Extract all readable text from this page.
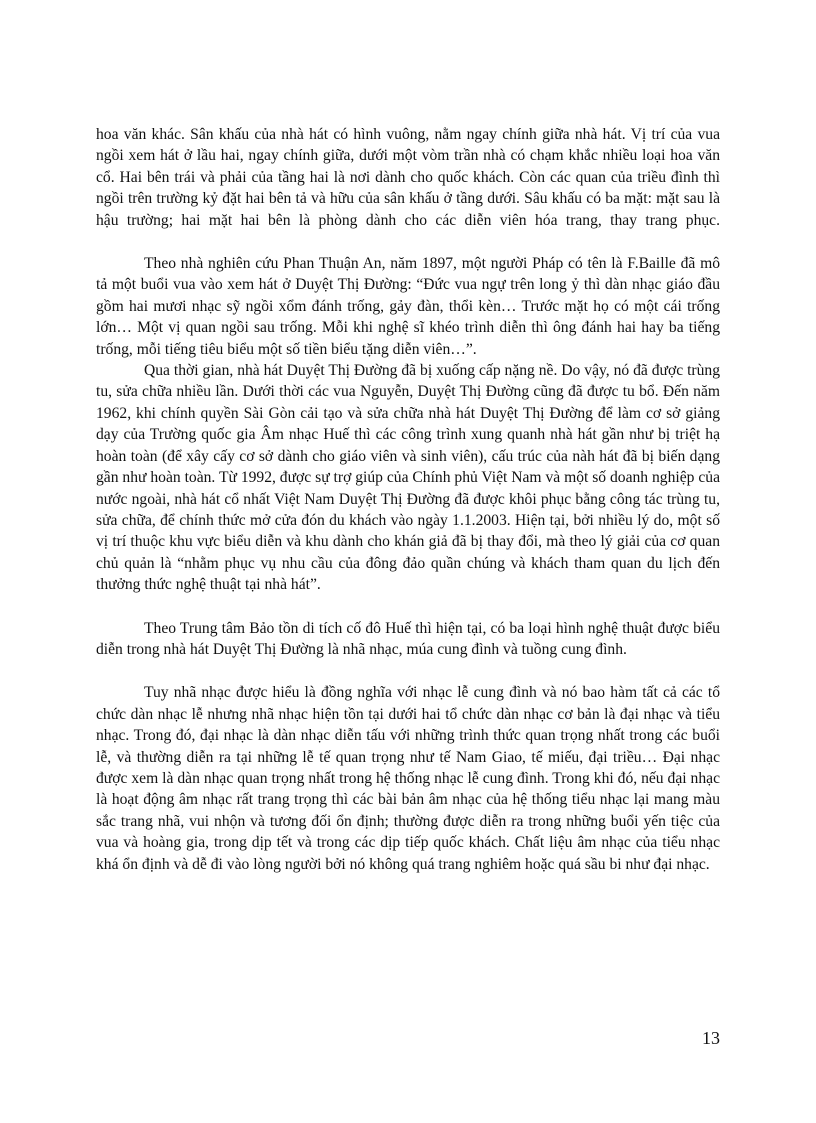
hoa văn khác. Sân khấu của nhà hát có hình vuông, nằm ngay chính giữa nhà hát. Vị trí của vua ngồi xem hát ở lầu hai, ngay chính giữa, dưới một vòm trần nhà có chạm khắc nhiều loại hoa văn cổ. Hai bên trái và phải của tầng hai là nơi dành cho quốc khách. Còn các quan của triều đình thì ngồi trên trường kỷ đặt hai bên tả và hữu của sân khấu ở tầng dưới. Sâu khấu có ba mặt: mặt sau là hậu trường; hai mặt hai bên là phòng dành cho các diễn viên hóa trang, thay trang phục.

Theo nhà nghiên cứu Phan Thuận An, năm 1897, một người Pháp có tên là F.Baille đã mô tả một buổi vua vào xem hát ở Duyệt Thị Đường: “Đức vua ngự trên long ỷ thì dàn nhạc giáo đầu gồm hai mươi nhạc sỹ ngồi xổm đánh trống, gảy đàn, thổi kèn… Trước mặt họ có một cái trống lớn… Một vị quan ngồi sau trống. Mỗi khi nghệ sĩ khéo trình diễn thì ông đánh hai hay ba tiếng trống, mỗi tiếng tiêu biểu một số tiền biểu tặng diễn viên…”.

Qua thời gian, nhà hát Duyệt Thị Đường đã bị xuống cấp nặng nề. Do vậy, nó đã được trùng tu, sửa chữa nhiều lần. Dưới thời các vua Nguyễn, Duyệt Thị Đường cũng đã được tu bổ. Đến năm 1962, khi chính quyền Sài Gòn cải tạo và sửa chữa nhà hát Duyệt Thị Đường để làm cơ sở giảng dạy của Trường quốc gia Âm nhạc Huế thì các công trình xung quanh nhà hát gần như bị triệt hạ hoàn toàn (để xây cấy cơ sở dành cho giáo viên và sinh viên), cấu trúc của nàh hát đã bị biến dạng gần như hoàn toàn. Từ 1992, được sự trợ giúp của Chính phủ Việt Nam và một số doanh nghiệp của nước ngoài, nhà hát cổ nhất Việt Nam Duyệt Thị Đường đã được khôi phục bằng công tác trùng tu, sửa chữa, để chính thức mở cửa đón du khách vào ngày 1.1.2003. Hiện tại, bởi nhiều lý do, một số vị trí thuộc khu vực biểu diễn và khu dành cho khán giả đã bị thay đổi, mà theo lý giải của cơ quan chủ quản là “nhằm phục vụ nhu cầu của đông đảo quần chúng và khách tham quan du lịch đến thưởng thức nghệ thuật tại nhà hát”.

Theo Trung tâm Bảo tồn di tích cố đô Huế thì hiện tại, có ba loại hình nghệ thuật được biểu diễn trong nhà hát Duyệt Thị Đường là nhã nhạc, múa cung đình và tuồng cung đình.

Tuy nhã nhạc được hiểu là đồng nghĩa với nhạc lễ cung đình và nó bao hàm tất cả các tổ chức dàn nhạc lễ nhưng nhã nhạc hiện tồn tại dưới hai tổ chức dàn nhạc cơ bản là đại nhạc và tiểu nhạc. Trong đó, đại nhạc là dàn nhạc diễn tấu với những trình thức quan trọng nhất trong các buổi lễ, và thường diễn ra tại những lễ tế quan trọng như tế Nam Giao, tế miếu, đại triều… Đại nhạc được xem là dàn nhạc quan trọng nhất trong hệ thống nhạc lễ cung đình. Trong khi đó, nếu đại nhạc là hoạt động âm nhạc rất trang trọng thì các bài bản âm nhạc của hệ thống tiểu nhạc lại mang màu sắc trang nhã, vui nhộn và tương đối ổn định; thường được diễn ra trong những buổi yến tiệc của vua và hoàng gia, trong dịp tết và trong các dịp tiếp quốc khách. Chất liệu âm nhạc của tiểu nhạc khá ổn định và dễ đi vào lòng người bởi nó không quá trang nghiêm hoặc quá sầu bi như đại nhạc.

13
